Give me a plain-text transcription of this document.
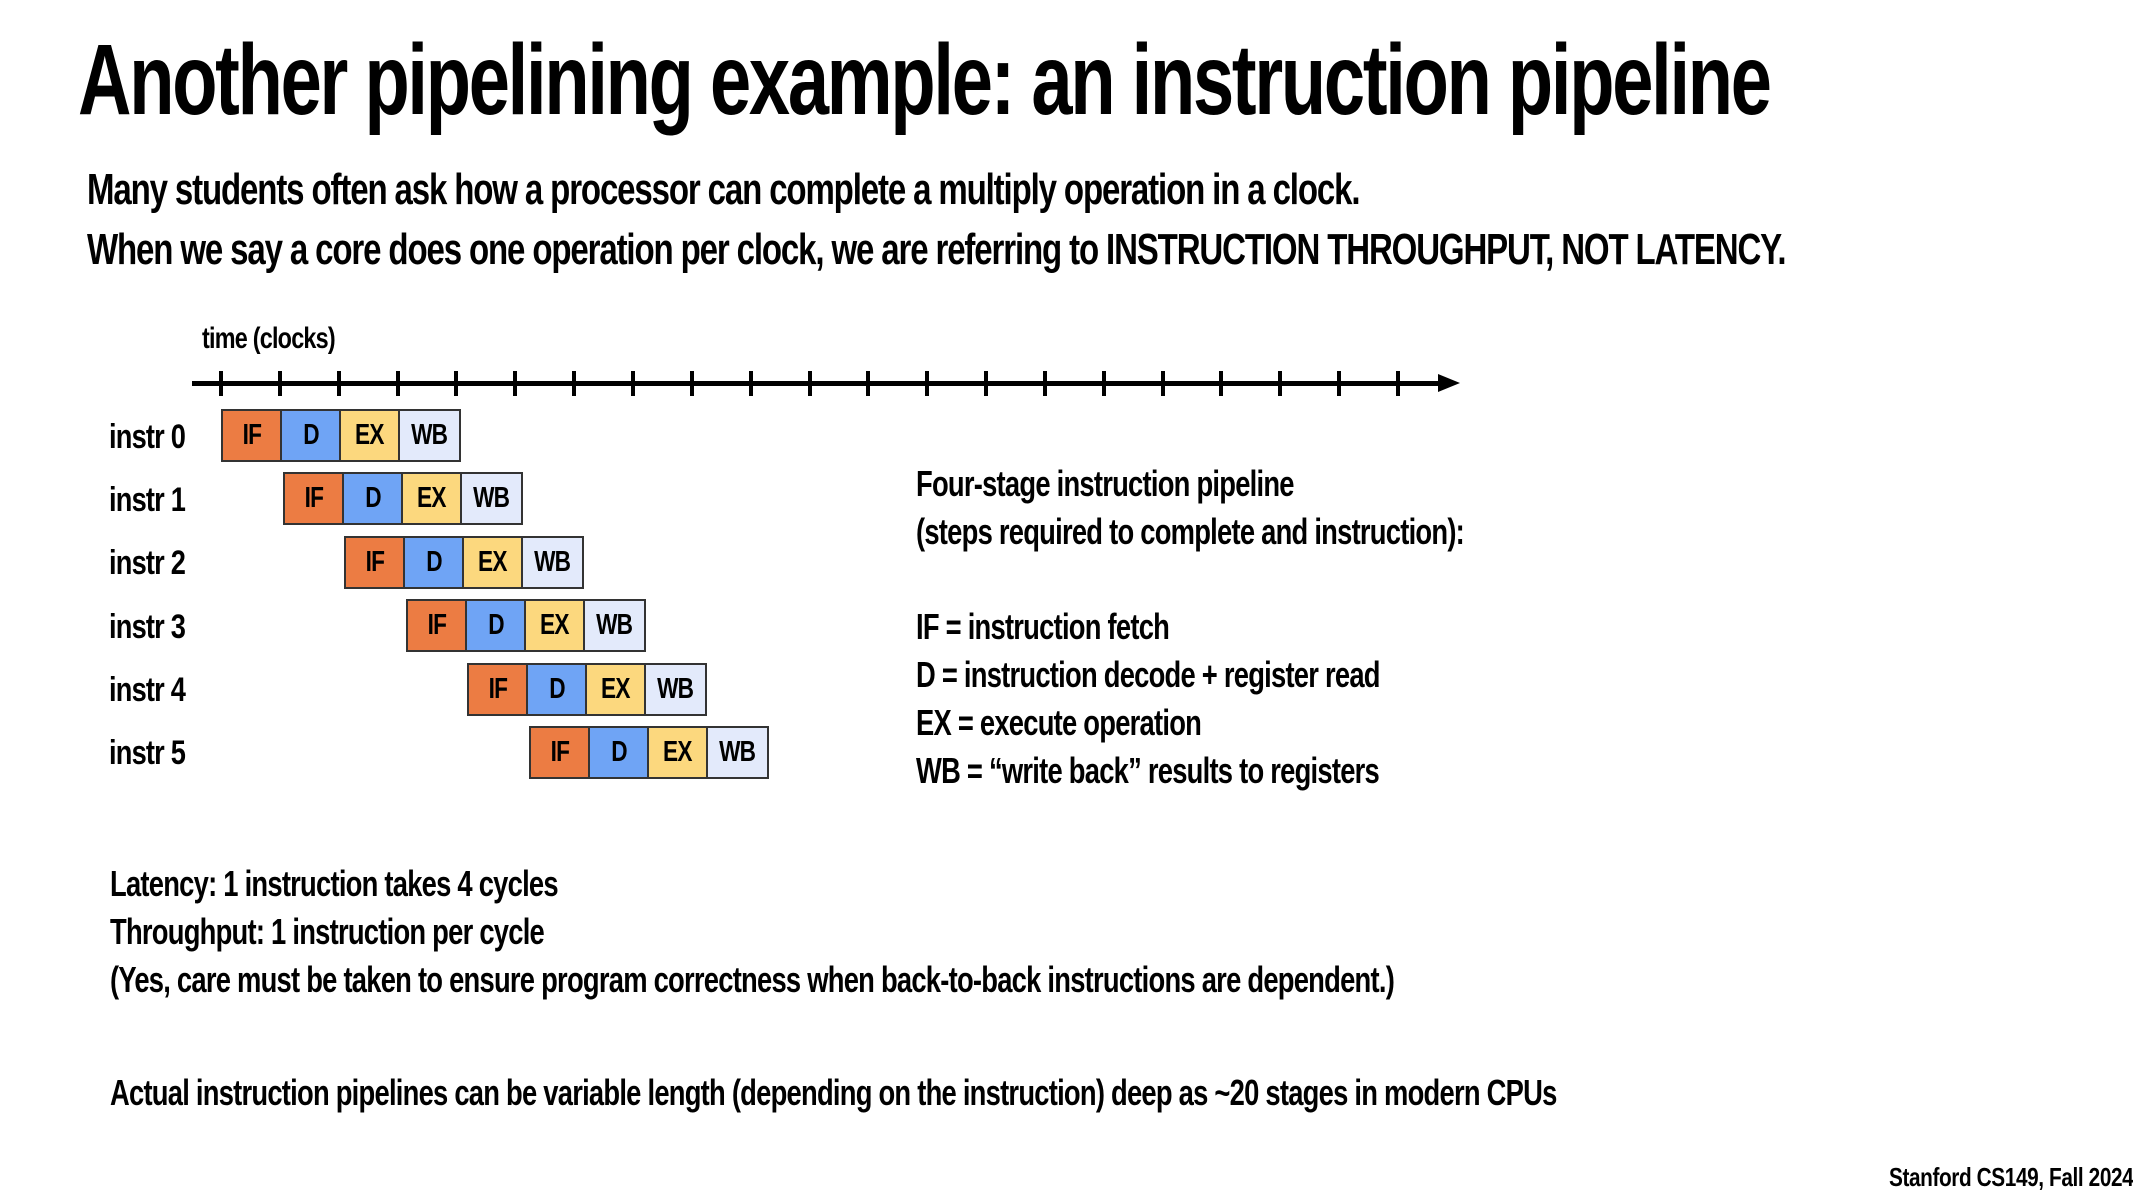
Another pipelining example: an instruction pipeline
Many students often ask how a processor can complete a multiply operation in a clock.
When we say a core does one operation per clock, we are referring to INSTRUCTION THROUGHPUT, NOT LATENCY.
time (clocks)
instr 0
instr 1
instr 2
instr 3
instr 4
instr 5
IF D EX WB
IF D EX WB
IF D EX WB
IF D EX WB
IF D EX WB
IF D EX WB
Four-stage instruction pipeline
(steps required to complete and instruction):
IF = instruction fetch
D = instruction decode + register read
EX = execute operation
WB = “write back” results to registers
Latency: 1 instruction takes 4 cycles
Throughput: 1 instruction per cycle
(Yes, care must be taken to ensure program correctness when back-to-back instructions are dependent.)
Actual instruction pipelines can be variable length (depending on the instruction) deep as ~20 stages in modern CPUs
Stanford CS149, Fall 2024
